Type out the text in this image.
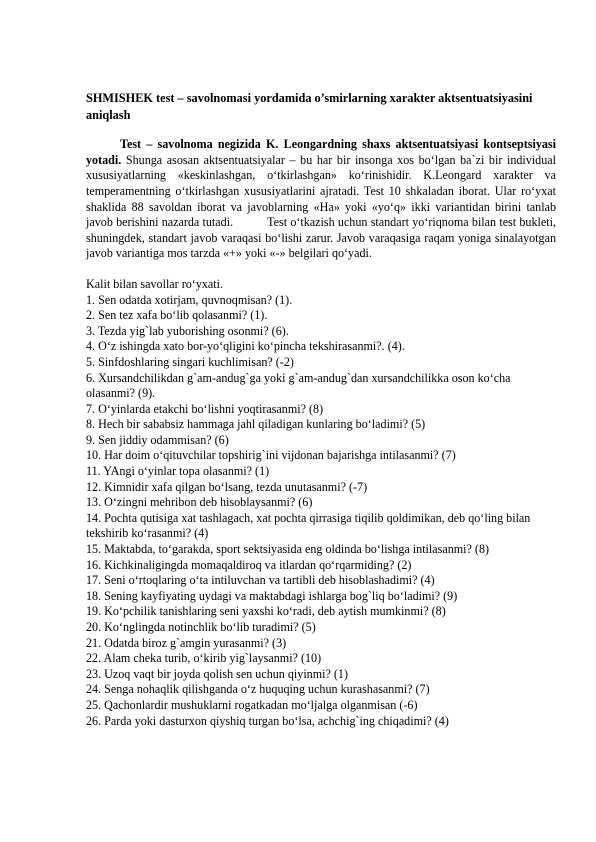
SHMISHEK test – savolnomasi yordamida o’smirlarning xarakter aktsentuatsiyasini aniqlash

Test – savolnoma negizida K. Leongardning shaxs aktsentuatsiyasi kontseptsiyasi yotadi. Shunga asosan aktsentuatsiyalar – bu har bir insonga xos bo‘lgan ba`zi bir individual xususiyatlarning «keskinlashgan, o‘tkirlashgan» ko‘rinishidir. K.Leongard xarakter va temperamentning o‘tkirlashgan xususiyatlarini ajratadi. Test 10 shkaladan iborat. Ular ro‘yxat shaklida 88 savoldan iborat va javoblarning «Ha» yoki «yo‘q» ikki variantidan birini tanlab javob berishini nazarda tutadi.	Test o‘tkazish uchun standart yo‘riqnoma bilan test bukleti, shuningdek, standart javob varaqasi bo‘lishi zarur. Javob varaqasiga raqam yoniga sinalayotgan javob variantiga mos tarzda «+» yoki «-» belgilari qo‘yadi.

Kalit bilan savollar ro‘yxati.

1. Sen odatda xotirjam, quvnoqmisan? (1).
2. Sen tez xafa bo‘lib qolasanmi? (1).
3. Tezda yig`lab yuborishing osonmi? (6).
4. O‘z ishingda xato bor-yo‘qligini ko‘pincha tekshirasanmi?. (4).
5. Sinfdoshlaring singari kuchlimisan? (-2)
6. Xursandchilikdan g`am-andug`ga yoki g`am-andug`dan xursandchilikka oson ko‘cha olasanmi? (9).
7. O‘yinlarda etakchi bo‘lishni yoqtirasanmi? (8)
8. Hech bir sababsiz hammaga jahl qiladigan kunlaring bo‘ladimi? (5)
9. Sen jiddiy odammisan? (6)
10. Har doim o‘qituvchilar topshirig`ini vijdonan bajarishga intilasanmi? (7)
11. YAngi o‘yinlar topa olasanmi? (1)
12. Kimnidir xafa qilgan bo‘lsang, tezda unutasanmi? (-7)
13. O‘zingni mehribon deb hisoblaysanmi? (6)
14. Pochta qutisiga xat tashlagach, xat pochta qirrasiga tiqilib qoldimikan, deb qo‘ling bilan tekshirib ko‘rasanmi? (4)
15. Maktabda, to‘garakda, sport sektsiyasida eng oldinda bo‘lishga intilasanmi? (8)
16. Kichkinaligingda momaqaldiroq va itlardan qo‘rqarmiding? (2)
17. Seni o‘rtoqlaring o‘ta intiluvchan va tartibli deb hisoblashadimi? (4)
18. Sening kayfiyating uydagi va maktabdagi ishlarga bog`liq bo‘ladimi? (9)
19. Ko‘pchilik tanishlaring seni yaxshi ko‘radi, deb aytish mumkinmi? (8)
20. Ko‘nglingda notinchlik bo‘lib turadimi? (5)
21. Odatda biroz g`amgin yurasanmi? (3)
22. Alam cheka turib, o‘kirib yig`laysanmi? (10)
23. Uzoq vaqt bir joyda qolish sen uchun qiyinmi? (1)
24. Senga nohaqlik qilishganda o‘z huquqing uchun kurashasanmi? (7)
25. Qachonlardir mushuklarni rogatkadan mo‘ljalga olganmisan (-6)
26. Parda yoki dasturxon qiyshiq turgan bo‘lsa, achchig`ing chiqadimi? (4)
